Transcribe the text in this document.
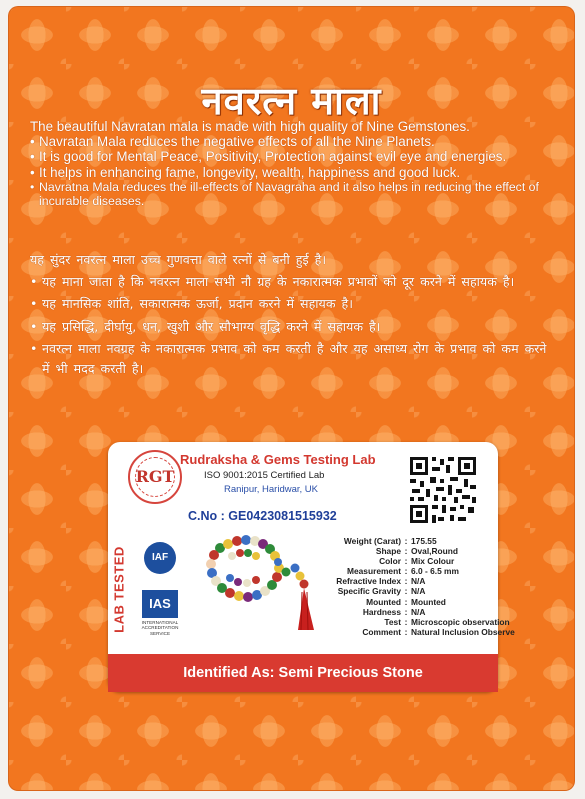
नवरत्न माला

The beautiful Navratan mala is made with high quality of Nine Gemstones.

• Navratan Mala reduces the negative effects of all the Nine Planets.
• It is good for Mental Peace, Positivity, Protection against evil eye and energies.
• It helps in enhancing fame, longevity, wealth, happiness and good luck.
• Navratna Mala reduces the ill-effects of Navagraha and it also helps in reducing the effect of incurable diseases.

यह सुंदर नवरत्न माला उच्च गुणवत्ता वाले रत्नों से बनी हुई है।

• यह माना जाता है कि नवरत्न माला सभी नौ ग्रह के नकारात्मक प्रभावों को दूर करने में सहायक है।
• यह मानसिक शांति, सकारात्मक ऊर्जा, प्रदान करने में सहायक है।
• यह प्रसिद्धि, दीर्घायु, धन, खुशी और सौभाग्य वृद्धि करने में सहायक है।
• नवरत्न माला नवग्रह के नकारात्मक प्रभाव को कम करती है और यह असाध्य रोग के प्रभाव को कम करने में भी मदद करती है।
RGT
Rudraksha & Gems Testing Lab
ISO 9001:2015 Certified Lab
Ranipur, Haridwar, UK
C.No : GE0423081515932
LAB TESTED	IAF
IAS
INTERNATIONAL ACCREDITATION SERVICE
Weight (Carat) : 175.55
Shape : Oval,Round
Color : Mix Colour
Measurement : 6.0 - 6.5 mm
Refractive Index : N/A
Specific Gravity : N/A
Mounted : Mounted
Hardness : N/A
Test : Microscopic observation
Comment : Natural Inclusion Observe
Identified As: Semi Precious Stone
